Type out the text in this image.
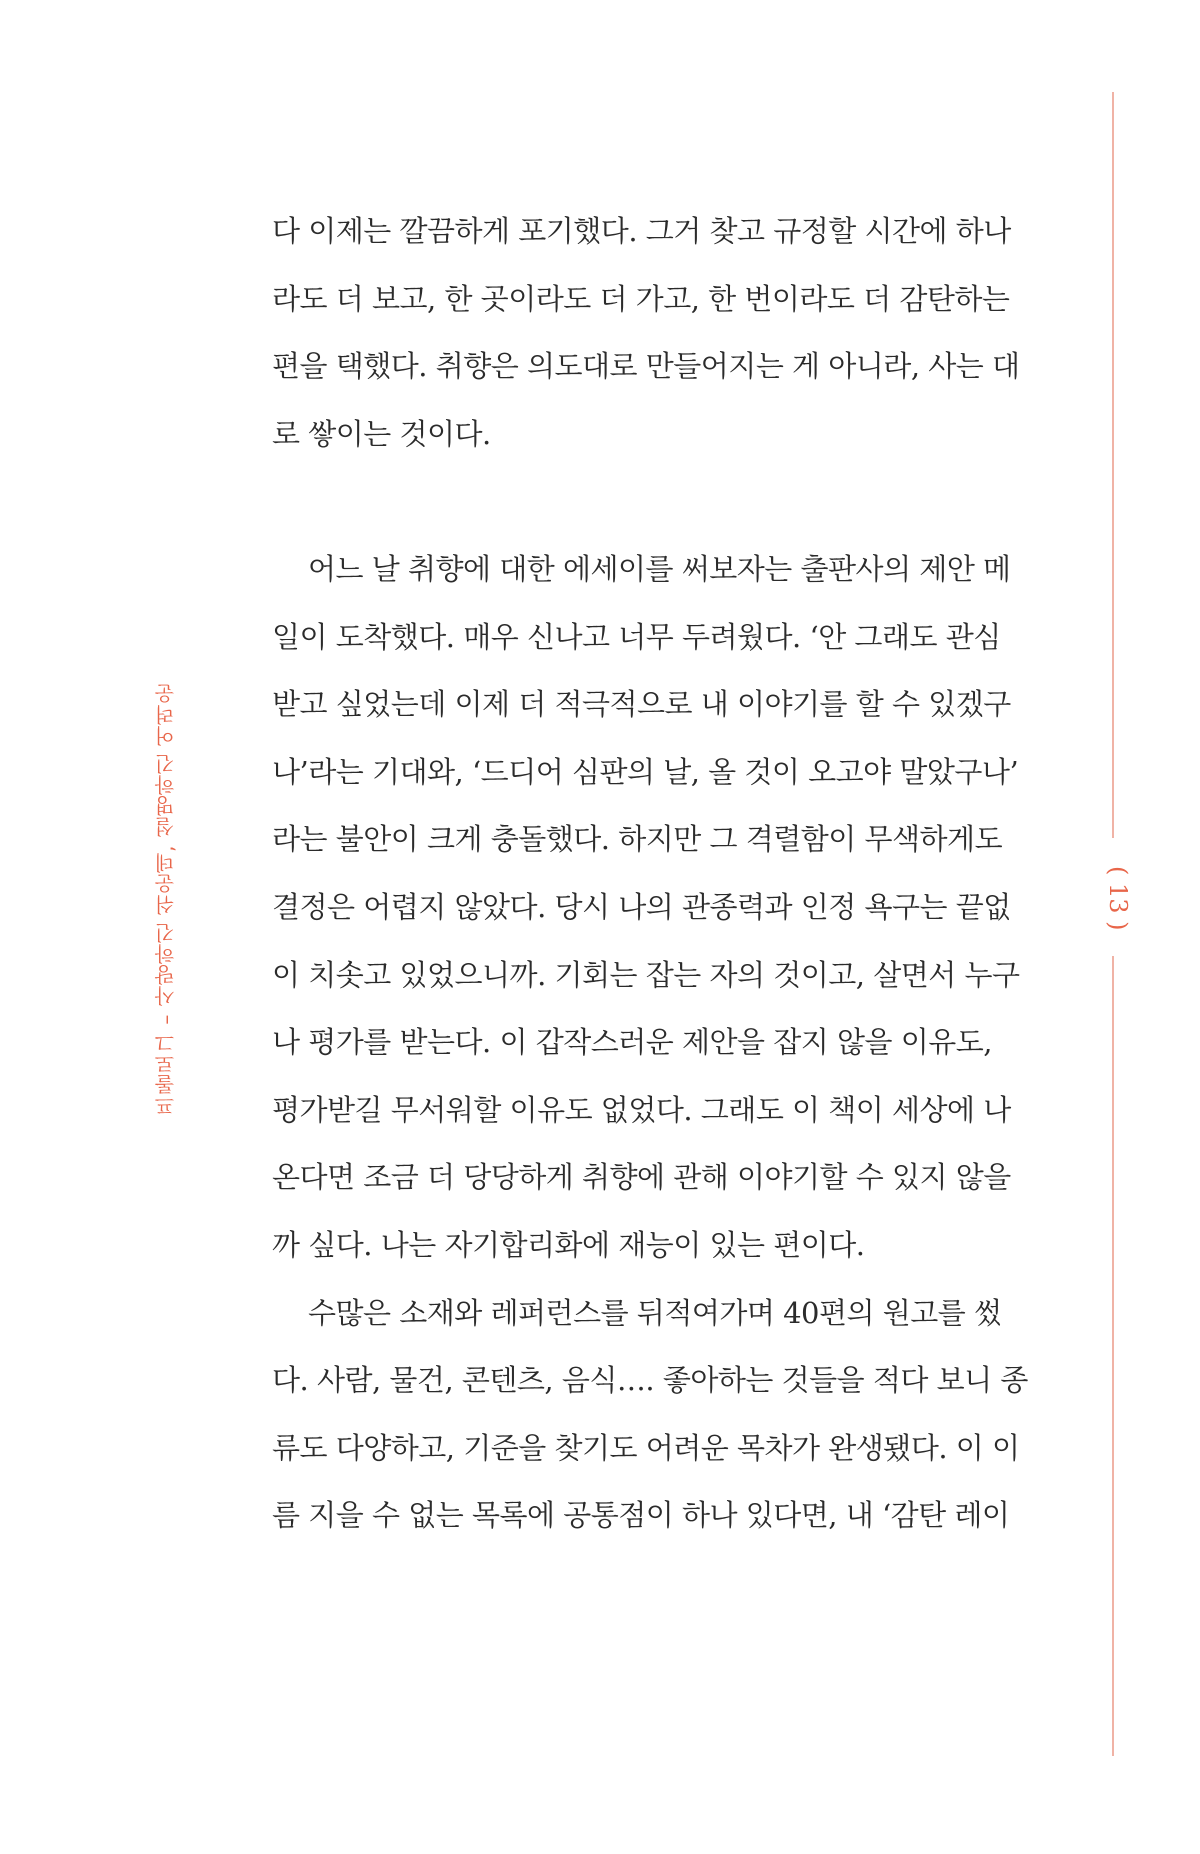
( 13 )
프롤로그 – 사랑하긴 쉬운데, 설명하긴 어려운
다 이제는 깔끔하게 포기했다. 그거 찾고 규정할 시간에 하나
라도 더 보고, 한 곳이라도 더 가고, 한 번이라도 더 감탄하는
편을 택했다. 취향은 의도대로 만들어지는 게 아니라, 사는 대
로 쌓이는 것이다.
어느 날 취향에 대한 에세이를 써보자는 출판사의 제안 메
일이 도착했다. 매우 신나고 너무 두려웠다. ‘안 그래도 관심
받고 싶었는데 이제 더 적극적으로 내 이야기를 할 수 있겠구
나’라는 기대와, ‘드디어 심판의 날, 올 것이 오고야 말았구나’
라는 불안이 크게 충돌했다. 하지만 그 격렬함이 무색하게도
결정은 어렵지 않았다. 당시 나의 관종력과 인정 욕구는 끝없
이 치솟고 있었으니까. 기회는 잡는 자의 것이고, 살면서 누구
나 평가를 받는다. 이 갑작스러운 제안을 잡지 않을 이유도,
평가받길 무서워할 이유도 없었다. 그래도 이 책이 세상에 나
온다면 조금 더 당당하게 취향에 관해 이야기할 수 있지 않을
까 싶다. 나는 자기합리화에 재능이 있는 편이다.
수많은 소재와 레퍼런스를 뒤적여가며 40편의 원고를 썼
다. 사람, 물건, 콘텐츠, 음식…. 좋아하는 것들을 적다 보니 종
류도 다양하고, 기준을 찾기도 어려운 목차가 완생됐다. 이 이
름 지을 수 없는 목록에 공통점이 하나 있다면, 내 ‘감탄 레이
